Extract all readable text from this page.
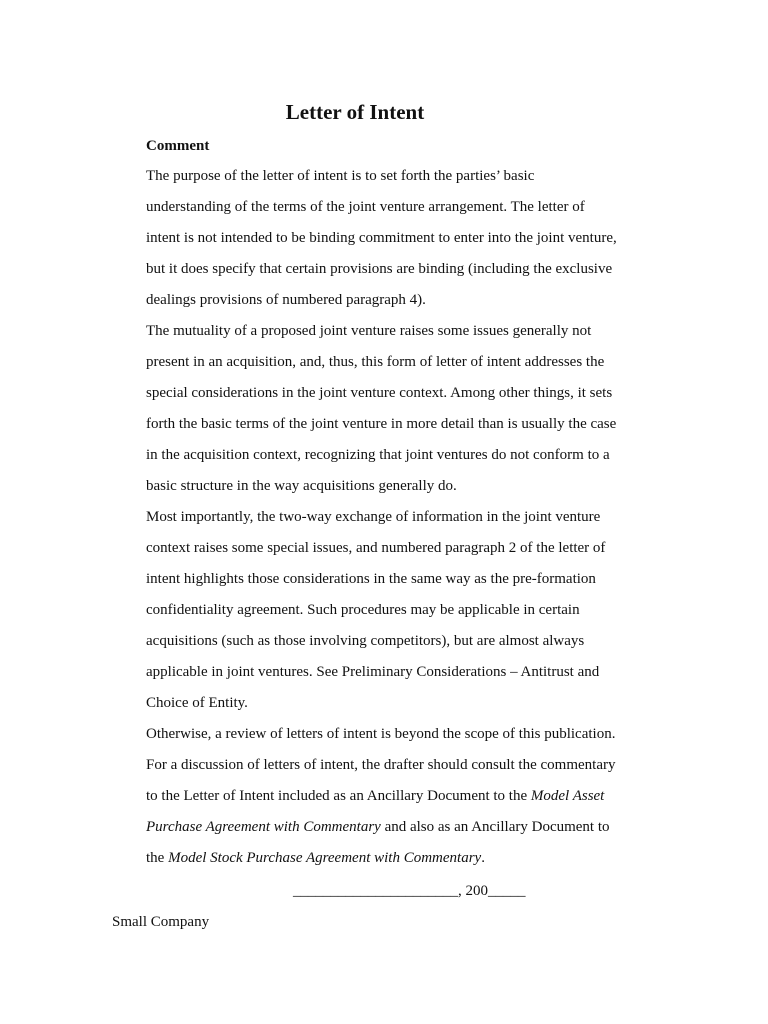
Letter of Intent
Comment
The purpose of the letter of intent is to set forth the parties’ basic
understanding of the terms of the joint venture arrangement. The letter of
intent is not intended to be binding commitment to enter into the joint venture,
but it does specify that certain provisions are binding (including the exclusive
dealings provisions of numbered paragraph 4).
The mutuality of a proposed joint venture raises some issues generally not
present in an acquisition, and, thus, this form of letter of intent addresses the
special considerations in the joint venture context. Among other things, it sets
forth the basic terms of the joint venture in more detail than is usually the case
in the acquisition context, recognizing that joint ventures do not conform to a
basic structure in the way acquisitions generally do.
Most importantly, the two-way exchange of information in the joint venture
context raises some special issues, and numbered paragraph 2 of the letter of
intent highlights those considerations in the same way as the pre-formation
confidentiality agreement. Such procedures may be applicable in certain
acquisitions (such as those involving competitors), but are almost always
applicable in joint ventures. See Preliminary Considerations – Antitrust and
Choice of Entity.
Otherwise, a review of letters of intent is beyond the scope of this publication.
For a discussion of letters of intent, the drafter should consult the commentary
to the Letter of Intent included as an Ancillary Document to the Model Asset
Purchase Agreement with Commentary and also as an Ancillary Document to
the Model Stock Purchase Agreement with Commentary.
______________________, 200_____
Small Company
